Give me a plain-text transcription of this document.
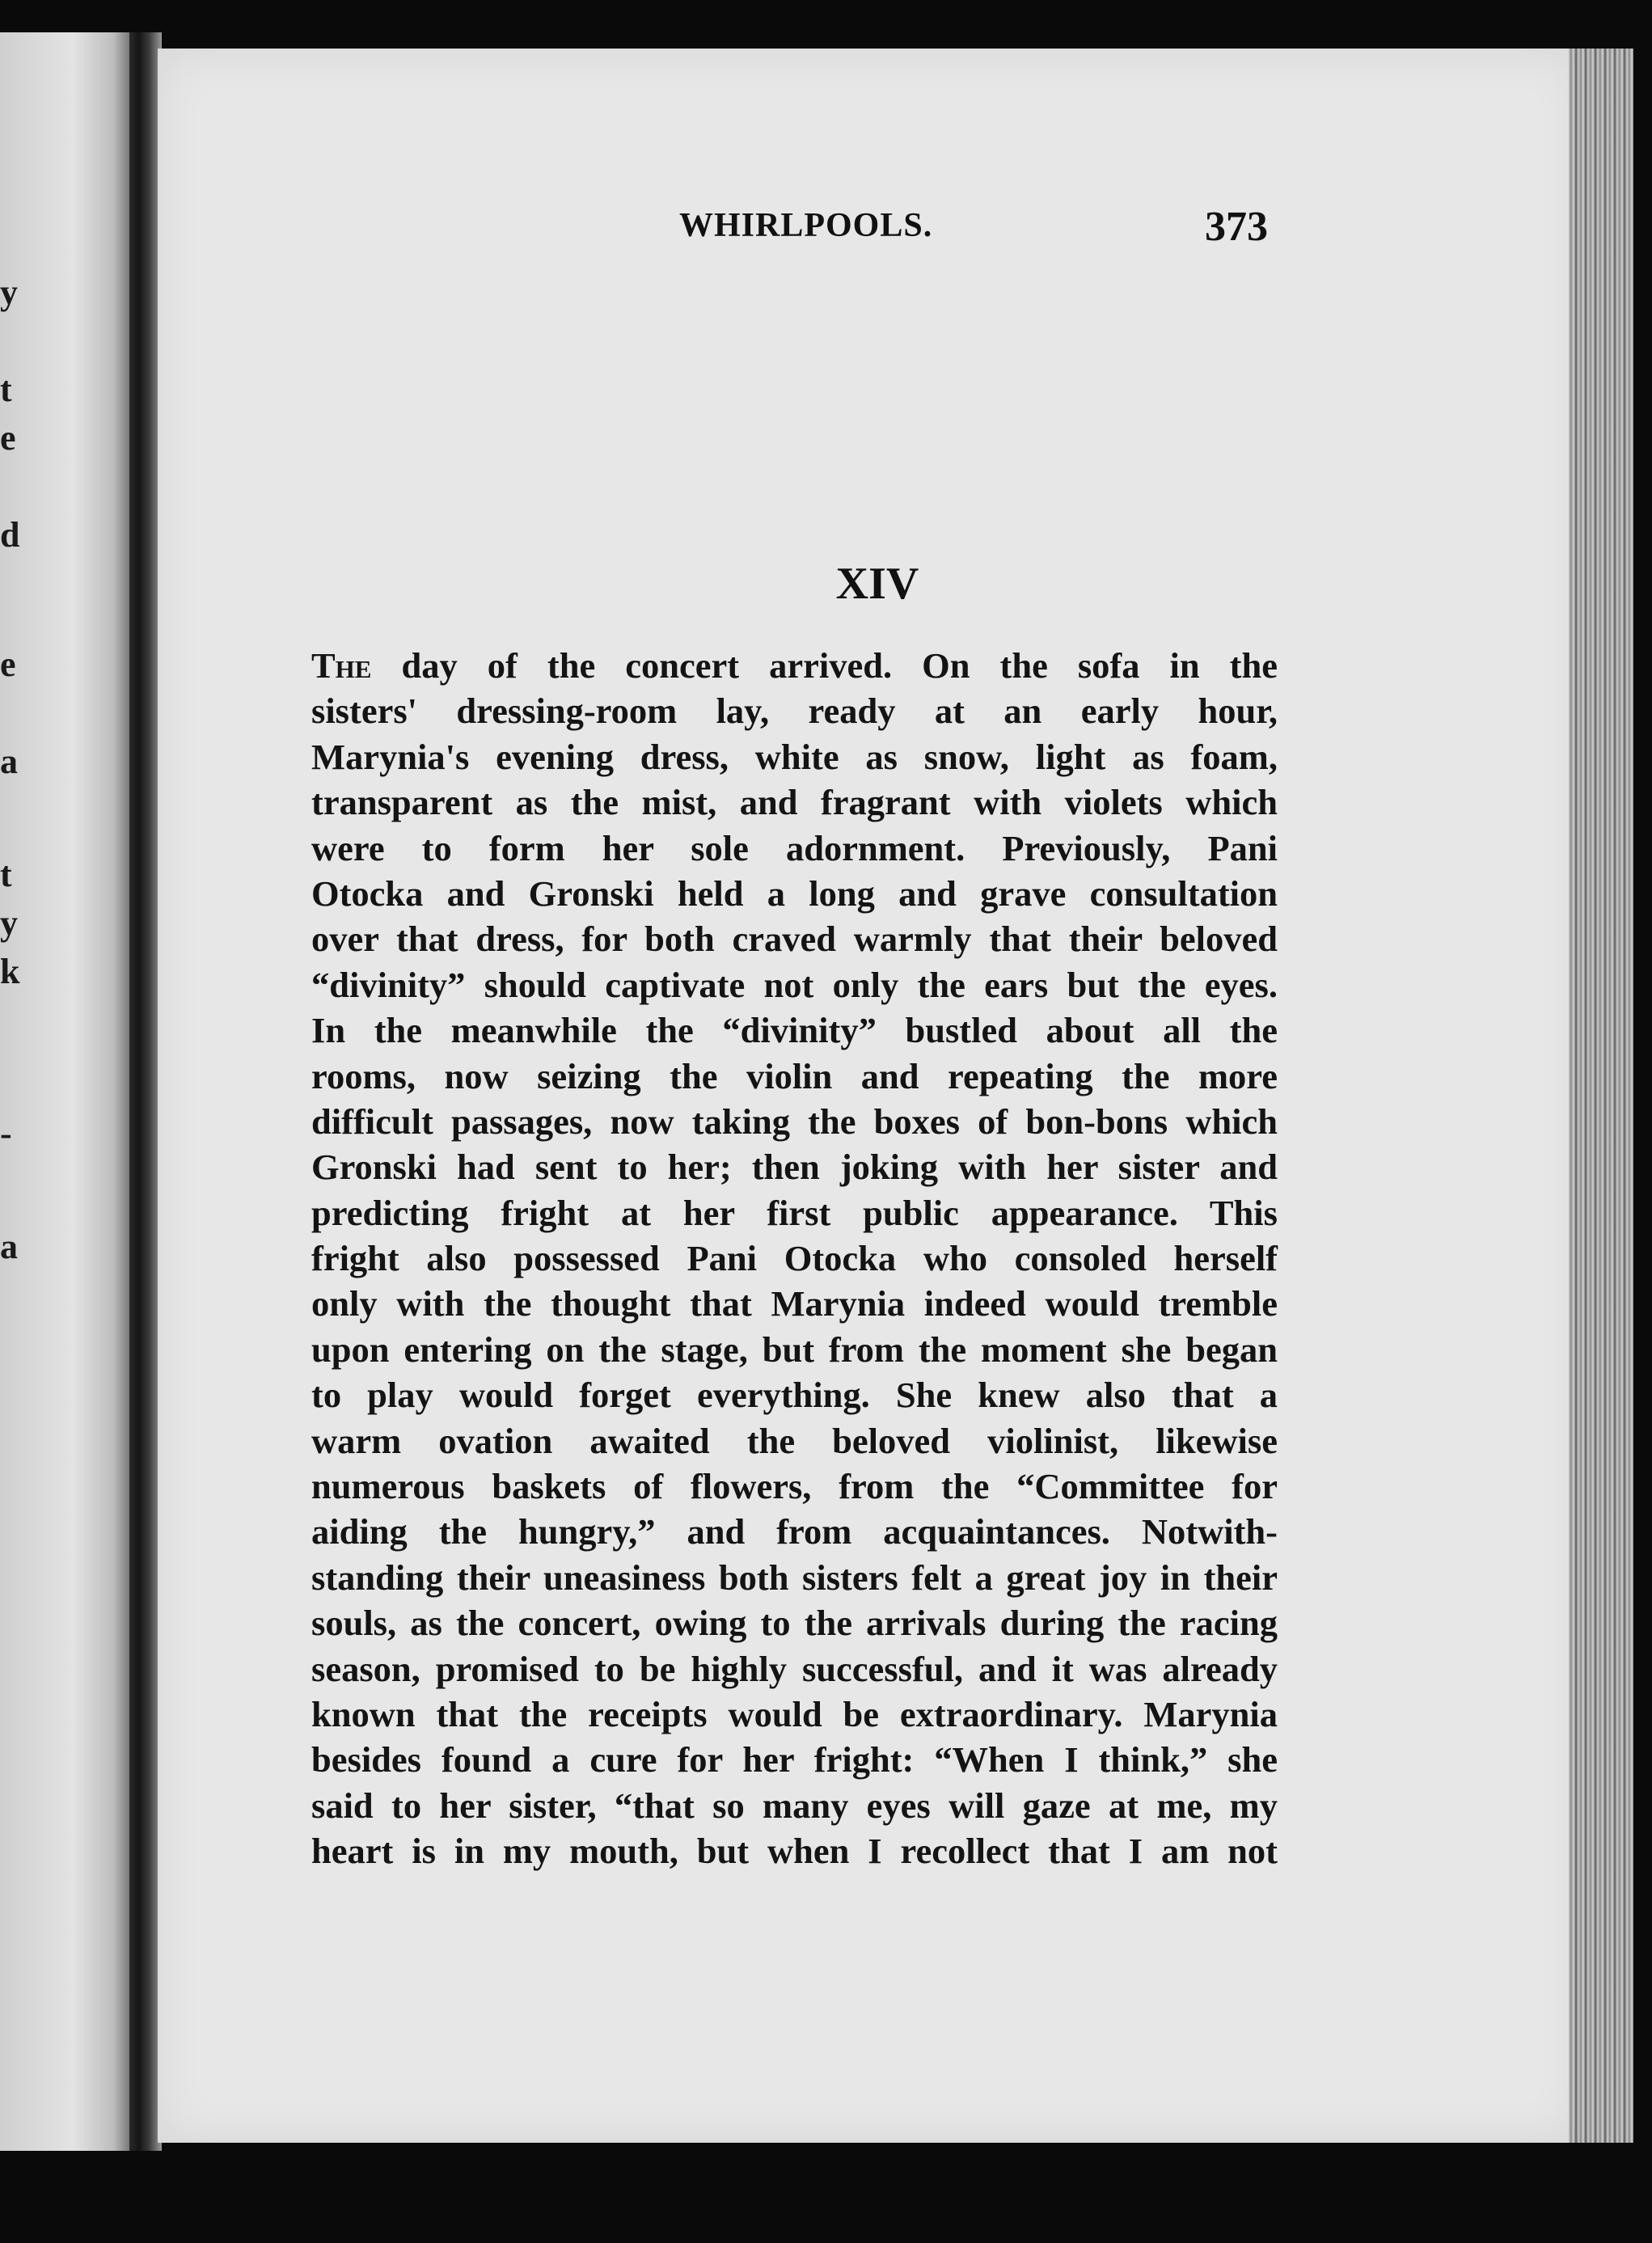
y
t
e
d
e
a
t
y
k
-
a
WHIRLPOOLS.	373
XIV
The day of the concert arrived. On the sofa in the
sisters' dressing-room lay, ready at an early hour,
Marynia's evening dress, white as snow, light as foam,
transparent as the mist, and fragrant with violets which
were to form her sole adornment. Previously, Pani
Otocka and Gronski held a long and grave consultation
over that dress, for both craved warmly that their beloved
“divinity” should captivate not only the ears but the eyes.
In the meanwhile the “divinity” bustled about all the
rooms, now seizing the violin and repeating the more
difficult passages, now taking the boxes of bon-bons which
Gronski had sent to her; then joking with her sister and
predicting fright at her first public appearance. This
fright also possessed Pani Otocka who consoled herself
only with the thought that Marynia indeed would tremble
upon entering on the stage, but from the moment she began
to play would forget everything. She knew also that a
warm ovation awaited the beloved violinist, likewise
numerous baskets of flowers, from the “Committee for
aiding the hungry,” and from acquaintances. Notwith-
standing their uneasiness both sisters felt a great joy in their
souls, as the concert, owing to the arrivals during the racing
season, promised to be highly successful, and it was already
known that the receipts would be extraordinary. Marynia
besides found a cure for her fright: “When I think,” she
said to her sister, “that so many eyes will gaze at me, my
heart is in my mouth, but when I recollect that I am not
